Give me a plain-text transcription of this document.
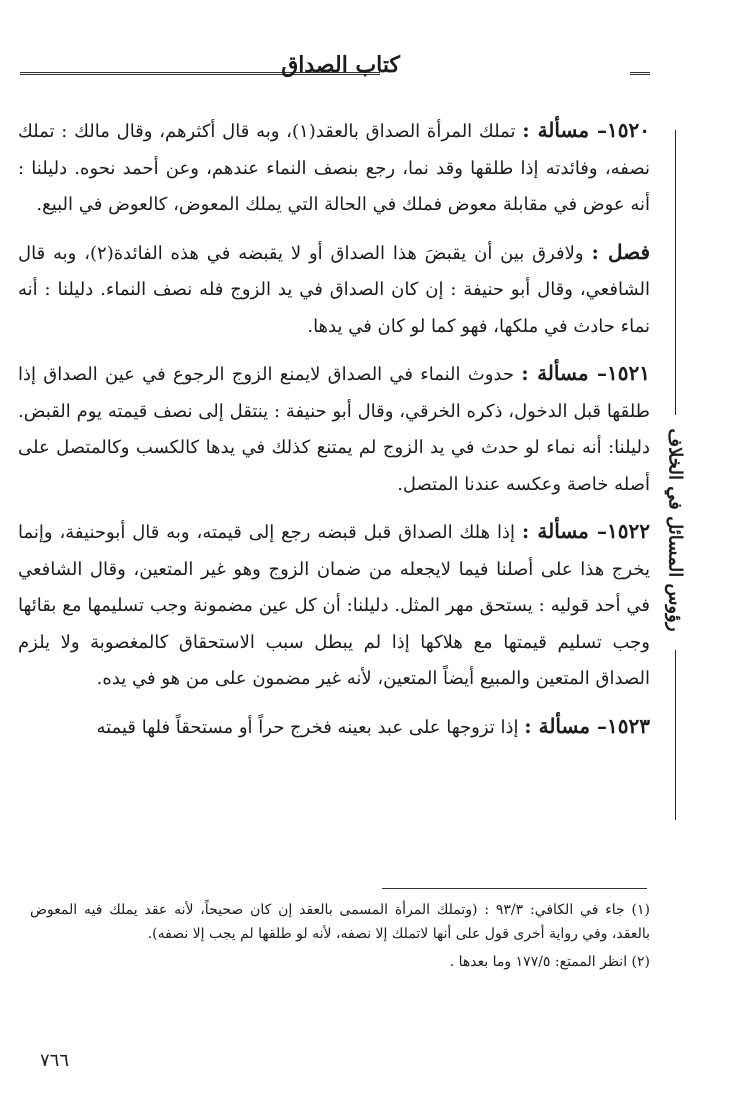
كتاب الصداق
رؤوس المسائل في الخلاف

١٥٢٠– مسألة : تملك المرأة الصداق بالعقد(١)، وبه قال أكثرهم، وقال مالك : تملك نصفه، وفائدته إذا طلقها وقد نما، رجع بنصف النماء عندهم، وعن أحمد نحوه. دليلنا : أنه عوض في مقابلة معوض فملك في الحالة التي يملك المعوض، كالعوض في البيع.

فصل : ولافرق بين أن يقبضَ هذا الصداق أو لا يقبضه في هذه الفائدة(٢)، وبه قال الشافعي، وقال أبو حنيفة : إن كان الصداق في يد الزوج فله نصف النماء. دليلنا : أنه نماء حادث في ملكها، فهو كما لو كان في يدها.

١٥٢١– مسألة : حدوث النماء في الصداق لايمنع الزوج الرجوع في عين الصداق إذا طلقها قبل الدخول، ذكره الخرقي، وقال أبو حنيفة : ينتقل إلى نصف قيمته يوم القبض. دليلنا: أنه نماء لو حدث في يد الزوج لم يمتنع كذلك في يدها كالكسب وكالمتصل على أصله خاصة وعكسه عندنا المتصل.

١٥٢٢– مسألة : إذا هلك الصداق قبل قبضه رجع إلى قيمته، وبه قال أبوحنيفة، وإنما يخرج هذا على أصلنا فيما لايجعله من ضمان الزوج وهو غير المتعين، وقال الشافعي في أحد قوليه : يستحق مهر المثل. دليلنا: أن كل عين مضمونة وجب تسليمها مع بقائها وجب تسليم قيمتها مع هلاكها إذا لم يبطل سبب الاستحقاق كالمغصوبة ولا يلزم الصداق المتعين والمبيع أيضاً المتعين، لأنه غير مضمون على من هو في يده.

١٥٢٣– مسألة : إذا تزوجها على عبد بعينه فخرج حراً أو مستحقاً فلها قيمته

(١) جاء في الكافي: ٩٣/٣ : (وتملك المرأة المسمى بالعقد إن كان صحيحاً، لأنه عقد يملك فيه المعوض بالعقد، وفي رواية أخرى قول على أنها لاتملك إلا نصفه، لأنه لو طلقها لم يجب إلا نصفه).

(٢) انظر الممتع: ١٧٧/٥ وما بعدها .

٧٦٦
